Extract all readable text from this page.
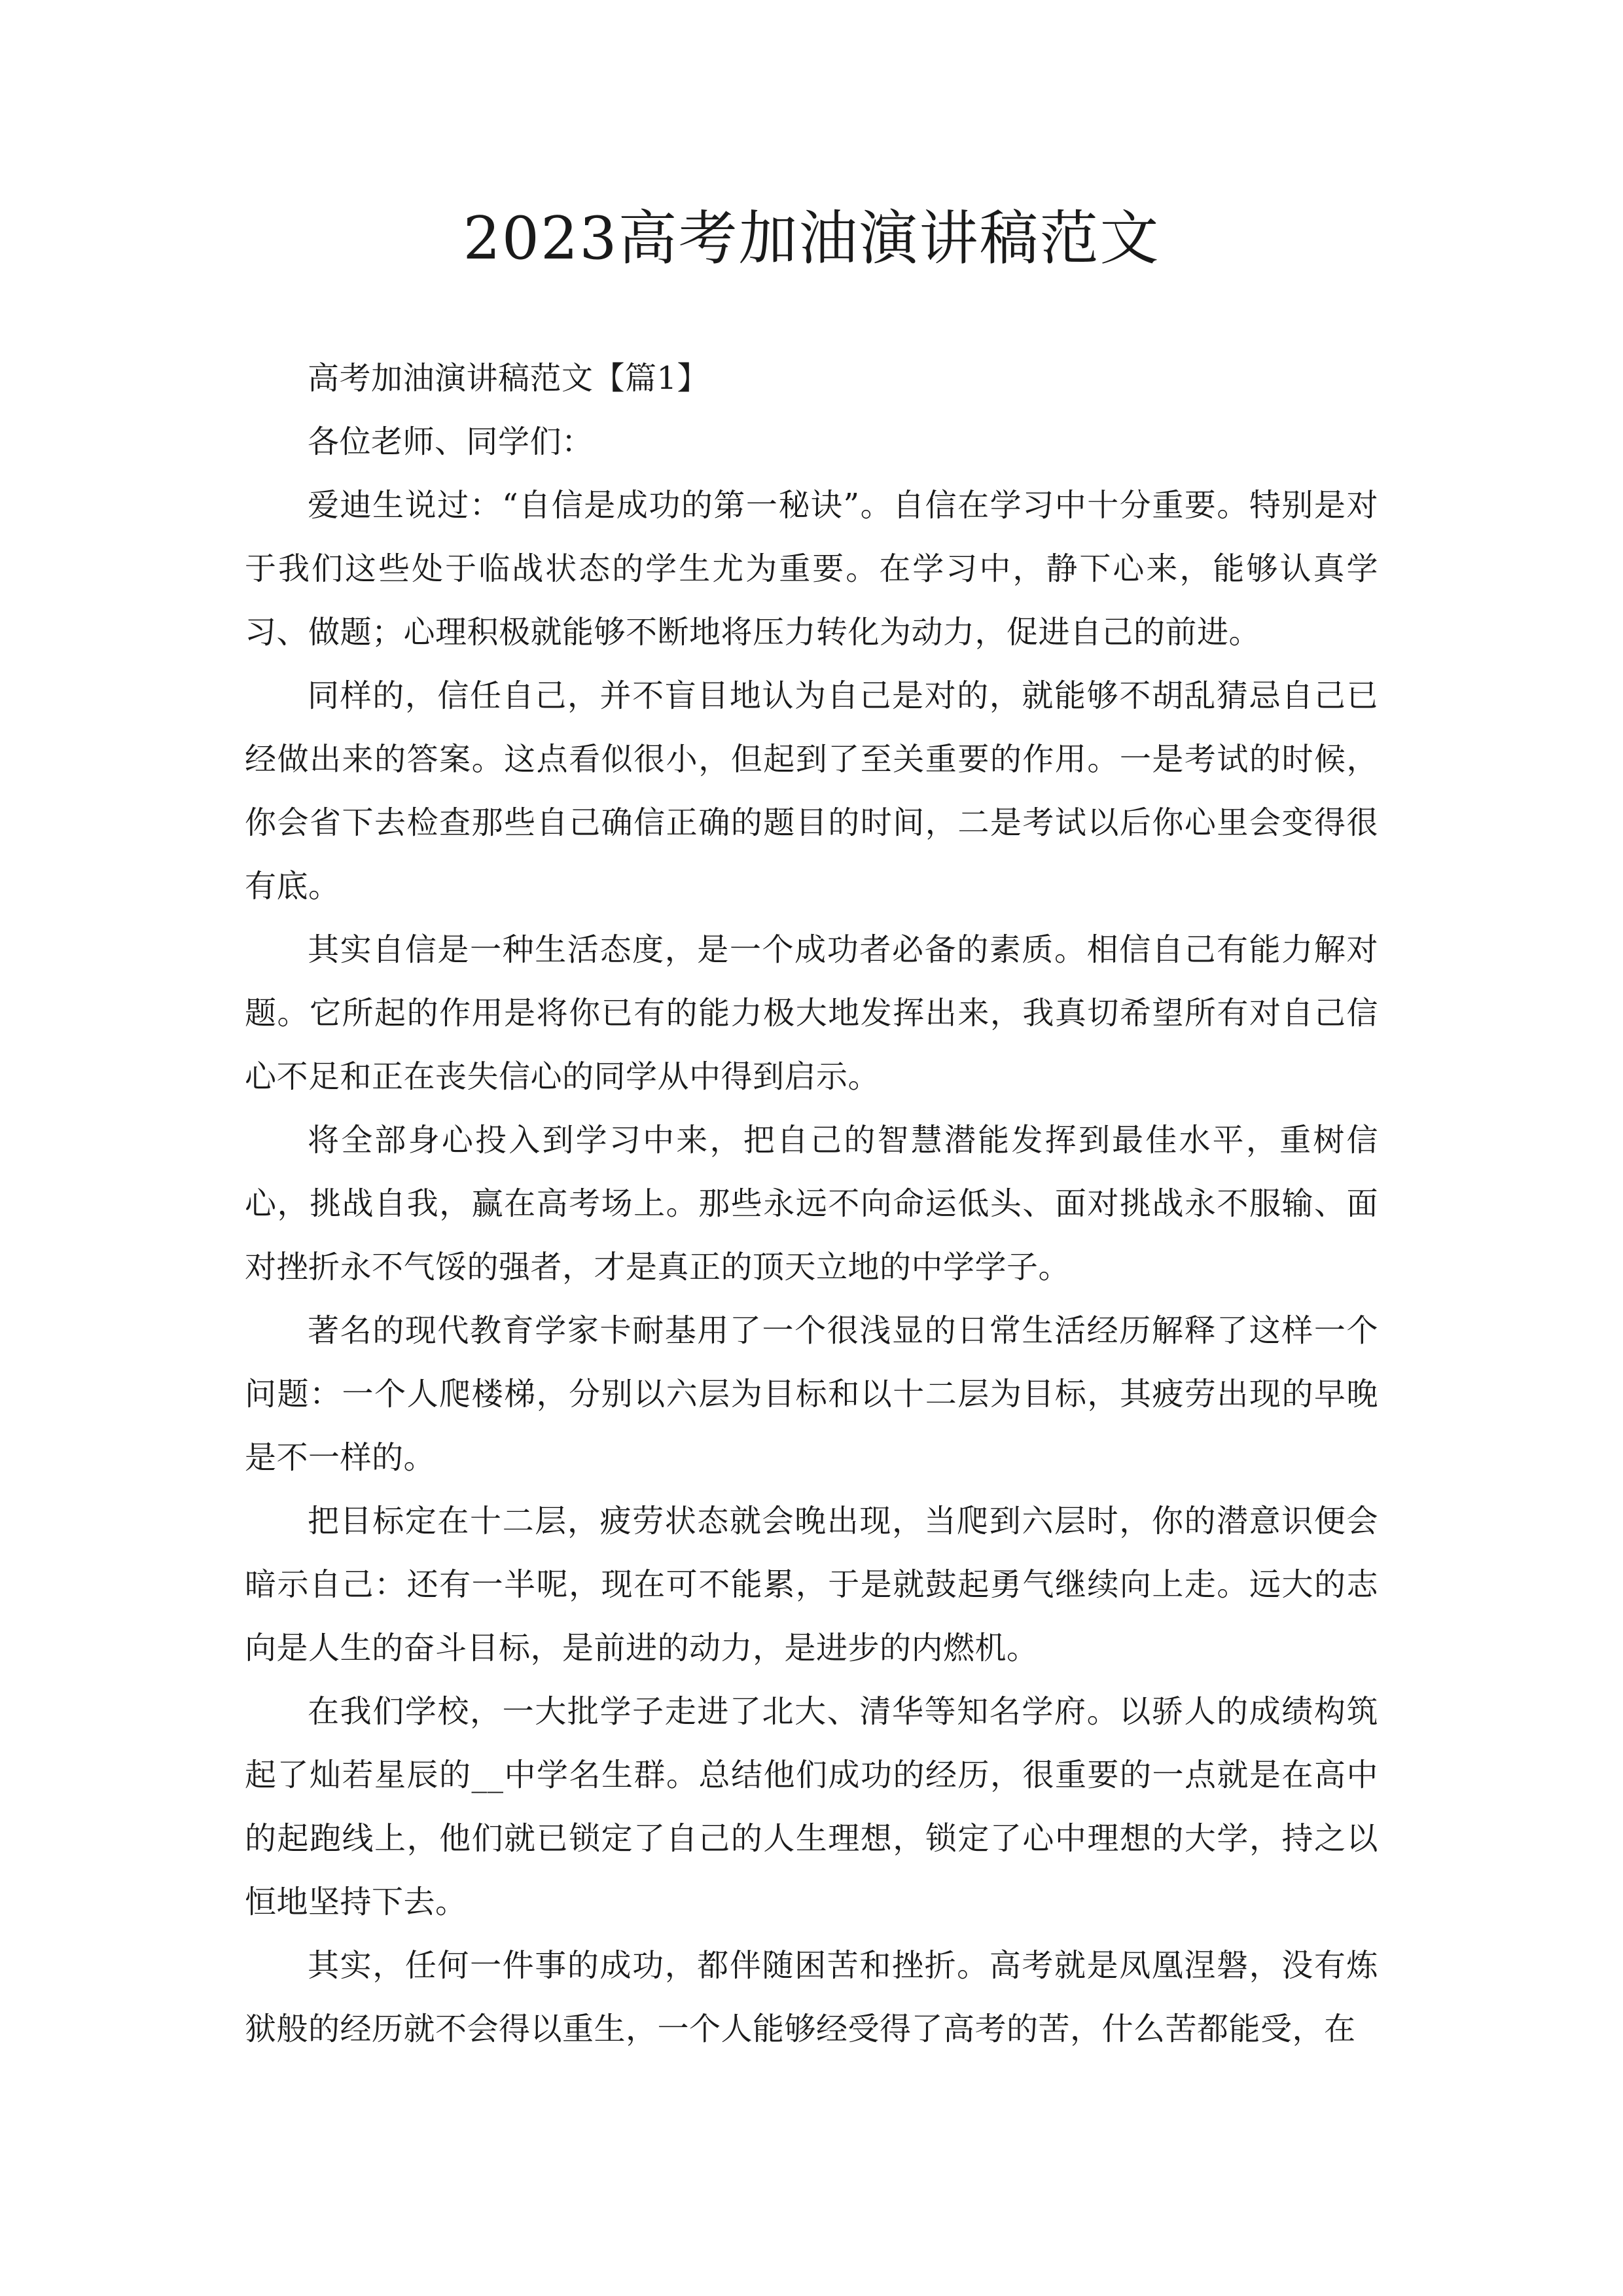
2023高考加油演讲稿范文

高考加油演讲稿范文【篇1】

各位老师、同学们：

爱迪生说过：“自信是成功的第一秘诀”。自信在学习中十分重要。特别是对于我们这些处于临战状态的学生尤为重要。在学习中，静下心来，能够认真学习、做题；心理积极就能够不断地将压力转化为动力，促进自己的前进。

同样的，信任自己，并不盲目地认为自己是对的，就能够不胡乱猜忌自己已经做出来的答案。这点看似很小，但起到了至关重要的作用。一是考试的时候，你会省下去检查那些自己确信正确的题目的时间，二是考试以后你心里会变得很有底。

其实自信是一种生活态度，是一个成功者必备的素质。相信自己有能力解对题。它所起的作用是将你已有的能力极大地发挥出来，我真切希望所有对自己信心不足和正在丧失信心的同学从中得到启示。

将全部身心投入到学习中来，把自己的智慧潜能发挥到最佳水平，重树信心，挑战自我，赢在高考场上。那些永远不向命运低头、面对挑战永不服输、面对挫折永不气馁的强者，才是真正的顶天立地的中学学子。

著名的现代教育学家卡耐基用了一个很浅显的日常生活经历解释了这样一个问题：一个人爬楼梯，分别以六层为目标和以十二层为目标，其疲劳出现的早晚是不一样的。

把目标定在十二层，疲劳状态就会晚出现，当爬到六层时，你的潜意识便会暗示自己：还有一半呢，现在可不能累，于是就鼓起勇气继续向上走。远大的志向是人生的奋斗目标，是前进的动力，是进步的内燃机。

在我们学校，一大批学子走进了北大、清华等知名学府。以骄人的成绩构筑起了灿若星辰的__中学名生群。总结他们成功的经历，很重要的一点就是在高中的起跑线上，他们就已锁定了自己的人生理想，锁定了心中理想的大学，持之以恒地坚持下去。

其实，任何一件事的成功，都伴随困苦和挫折。高考就是凤凰涅磐，没有炼狱般的经历就不会得以重生，一个人能够经受得了高考的苦，什么苦都能受，在
